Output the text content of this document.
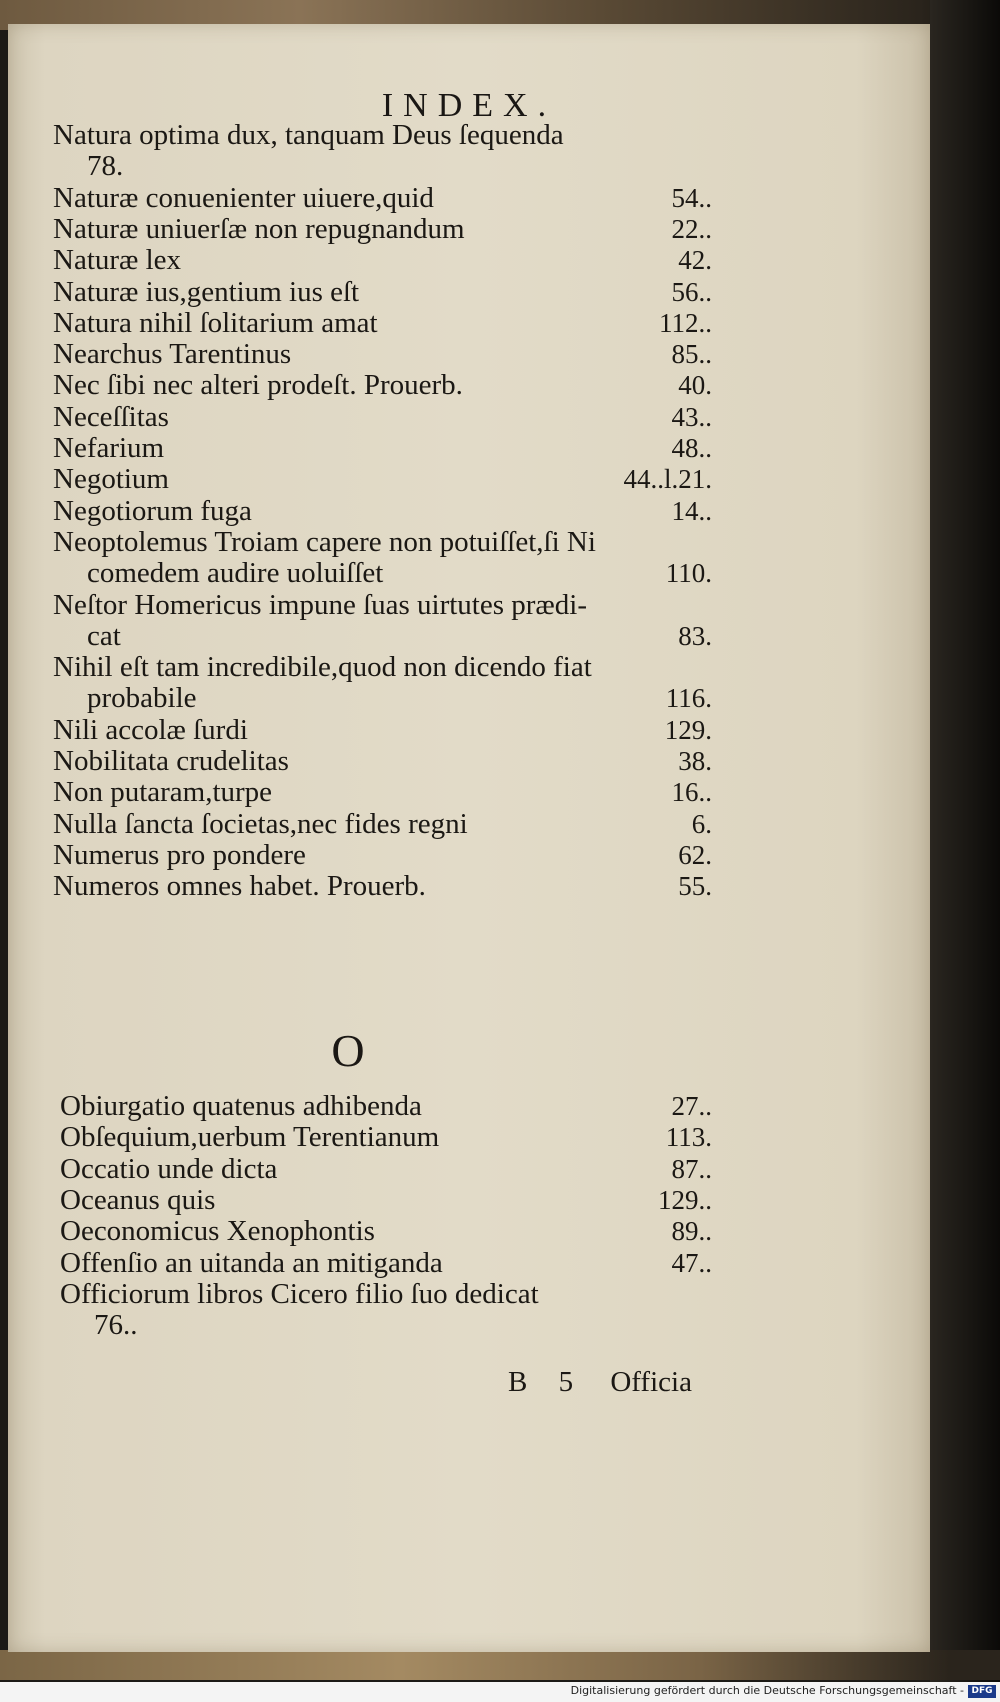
INDEX.
Natura optima dux, tanquam Deus ſequenda
78.
Naturæ conuenienter uiuere,quid	54..
Naturæ uniuerſæ non repugnandum	22..
Naturæ lex	42.
Naturæ ius,gentium ius eſt	56..
Natura nihil ſolitarium amat	112..
Nearchus Tarentinus	85..
Nec ſibi nec alteri prodeſt. Prouerb.	40.
Neceſſitas	43..
Nefarium	48..
Negotium	44..l.21.
Negotiorum fuga	14..
Neoptolemus Troiam capere non potuiſſet,ſi Ni
comedem audire uoluiſſet	110.
Neſtor Homericus impune ſuas uirtutes prædi-
cat	83.
Nihil eſt tam incredibile,quod non dicendo fiat
probabile	116.
Nili accolæ ſurdi	129.
Nobilitata crudelitas	38.
Non putaram,turpe	16..
Nulla ſancta ſocietas,nec fides regni	6.
Numerus pro pondere	62.
Numeros omnes habet. Prouerb.	55.
Obiurgatio quatenus adhibenda	27..
Obſequium,uerbum Terentianum	113.
Occatio unde dicta	87..
Oceanus quis	129..
Oeconomicus Xenophontis	89..
Offenſio an uitanda an mitiganda	47..
Officiorum libros Cicero filio ſuo dedicat
76..
O
B 5 Officia
Digitalisierung gefördert durch die Deutsche Forschungsgemeinschaft - DFG
